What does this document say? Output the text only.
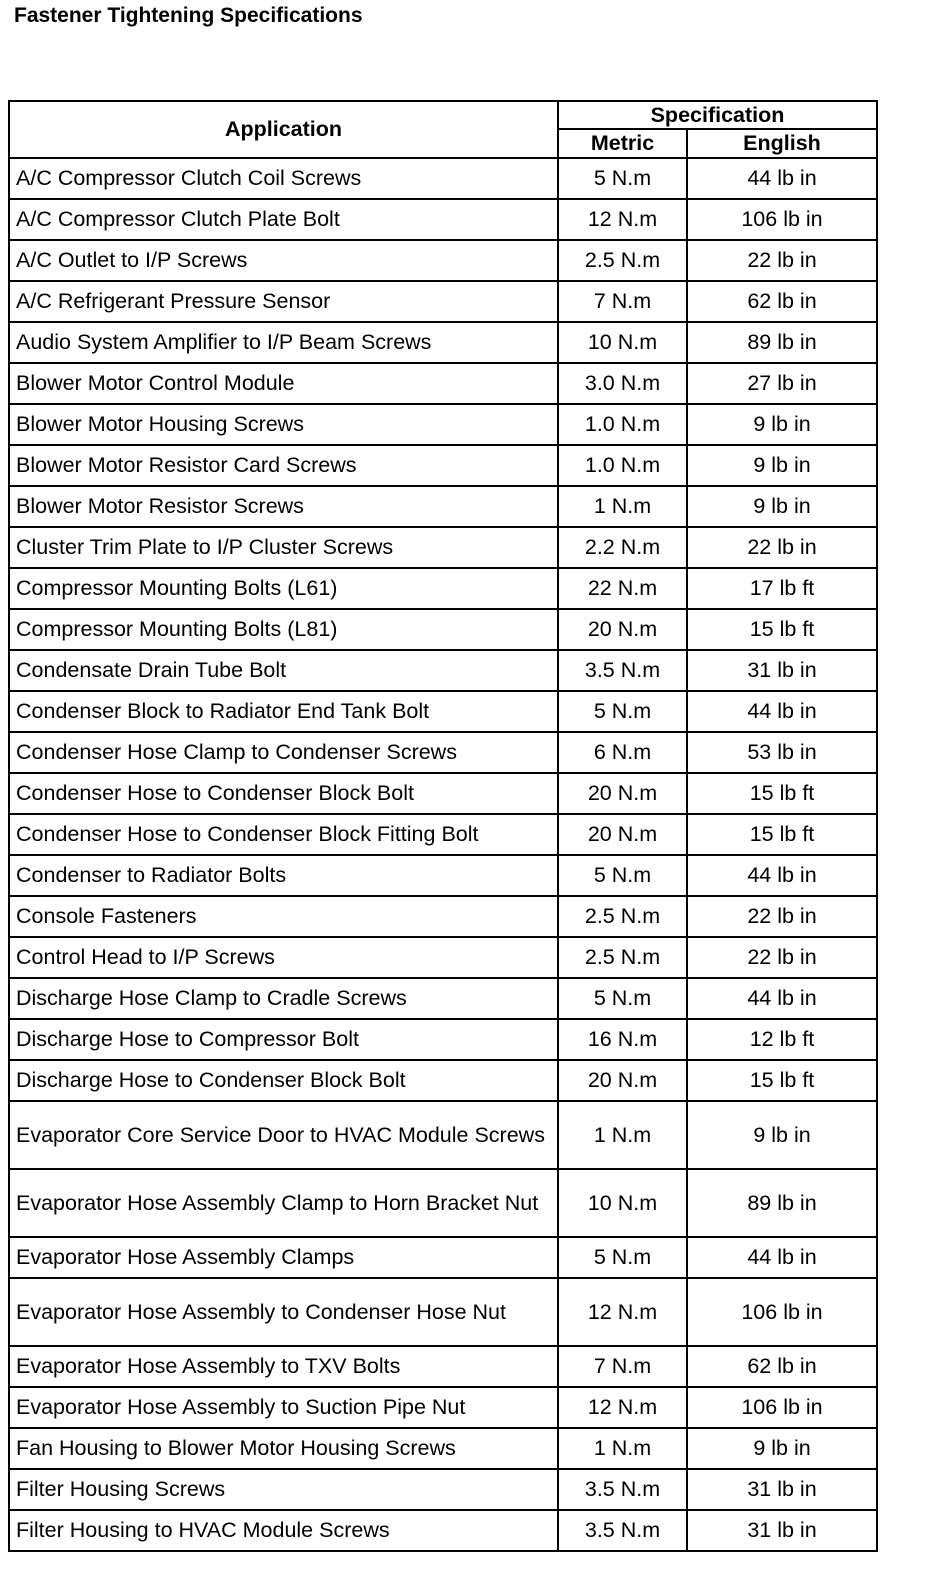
Fastener Tightening Specifications
Application	Specification	
	Metric	English
A/C Compressor Clutch Coil Screws	5 N.m	44 lb in
A/C Compressor Clutch Plate Bolt	12 N.m	106 lb in
A/C Outlet to I/P Screws	2.5 N.m	22 lb in
A/C Refrigerant Pressure Sensor	7 N.m	62 lb in
Audio System Amplifier to I/P Beam Screws	10 N.m	89 lb in
Blower Motor Control Module	3.0 N.m	27 lb in
Blower Motor Housing Screws	1.0 N.m	9 lb in
Blower Motor Resistor Card Screws	1.0 N.m	9 lb in
Blower Motor Resistor Screws	1 N.m	9 lb in
Cluster Trim Plate to I/P Cluster Screws	2.2 N.m	22 lb in
Compressor Mounting Bolts (L61)	22 N.m	17 lb ft
Compressor Mounting Bolts (L81)	20 N.m	15 lb ft
Condensate Drain Tube Bolt	3.5 N.m	31 lb in
Condenser Block to Radiator End Tank Bolt	5 N.m	44 lb in
Condenser Hose Clamp to Condenser Screws	6 N.m	53 lb in
Condenser Hose to Condenser Block Bolt	20 N.m	15 lb ft
Condenser Hose to Condenser Block Fitting Bolt	20 N.m	15 lb ft
Condenser to Radiator Bolts	5 N.m	44 lb in
Console Fasteners	2.5 N.m	22 lb in
Control Head to I/P Screws	2.5 N.m	22 lb in
Discharge Hose Clamp to Cradle Screws	5 N.m	44 lb in
Discharge Hose to Compressor Bolt	16 N.m	12 lb ft
Discharge Hose to Condenser Block Bolt	20 N.m	15 lb ft
Evaporator Core Service Door to HVAC Module Screws	1 N.m	9 lb in
Evaporator Hose Assembly Clamp to Horn Bracket Nut	10 N.m	89 lb in
Evaporator Hose Assembly Clamps	5 N.m	44 lb in
Evaporator Hose Assembly to Condenser Hose Nut	12 N.m	106 lb in
Evaporator Hose Assembly to TXV Bolts	7 N.m	62 lb in
Evaporator Hose Assembly to Suction Pipe Nut	12 N.m	106 lb in
Fan Housing to Blower Motor Housing Screws	1 N.m	9 lb in
Filter Housing Screws	3.5 N.m	31 lb in
Filter Housing to HVAC Module Screws	3.5 N.m	31 lb in
